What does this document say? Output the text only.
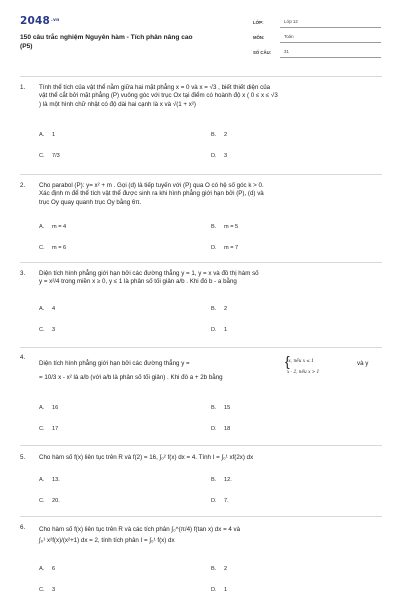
$2048^{.vn}$
150 câu trắc nghiệm Nguyên hàm - Tích phân nâng cao
(P5)
LỚP:	Lớp 12
MÔN:	Toán
SỐ CÂU:	31
1. Tính thể tích của vật thể nằm giữa hai mặt phẳng x = 0 và x = √3 , biết thiết diện của
vật thể cắt bởi mặt phẳng (P) vuông góc với trục Ox tại điểm có hoành độ x ( 0 ≤ x ≤ √3
) là một hình chữ nhật có độ dài hai cạnh là x và √(1 + x²)
A.	1	B.	2
C.	7/3	D.	3
2. Cho parabol (P): y= x² + m . Gọi (d) là tiếp tuyến với (P) qua O có hệ số góc k > 0.
Xác định m để thể tích vật thể được sinh ra khi hình phẳng giới hạn bởi (P), (d) và
trục Oy quay quanh trục Oy bằng 6π.
A.	m = 4	B.	m = 5
C.	m = 6	D.	m = 7
3. Diện tích hình phẳng giới hạn bởi các đường thẳng y = 1, y = x và đồ thị hàm số
y = x²/4 trong miền x ≥ 0, y ≤ 1 là phân số tối giản a/b . Khi đó b - a bằng
A.	4	B.	2
C.	3	D.	1
4.
Diện tích hình phẳng giới hạn bởi các đường thẳng y =	-x, nếu x ≤ 1
x - 2, nếu x > 1
{	và y
= 10/3 x - x² là a/b (với a/b là phân số tối giản) . Khi đó a + 2b bằng
A.	16	B.	15
C.	17	D.	18
5. Cho hàm số f(x) liên tục trên R và f(2) = 16, ∫₀² f(x) dx = 4. Tính I = ∫₀¹ xf(2x) dx
A.	13.	B.	12.
C.	20.	D.	7.
6. Cho hàm số f(x) liên tục trên R và các tích phân ∫₀^(π/4) f(tan x) dx = 4 và
∫₀¹ x²f(x)/(x²+1) dx = 2, tính tích phân I = ∫₀¹ f(x) dx
A.	6	B.	2
C.	3	D.	1
